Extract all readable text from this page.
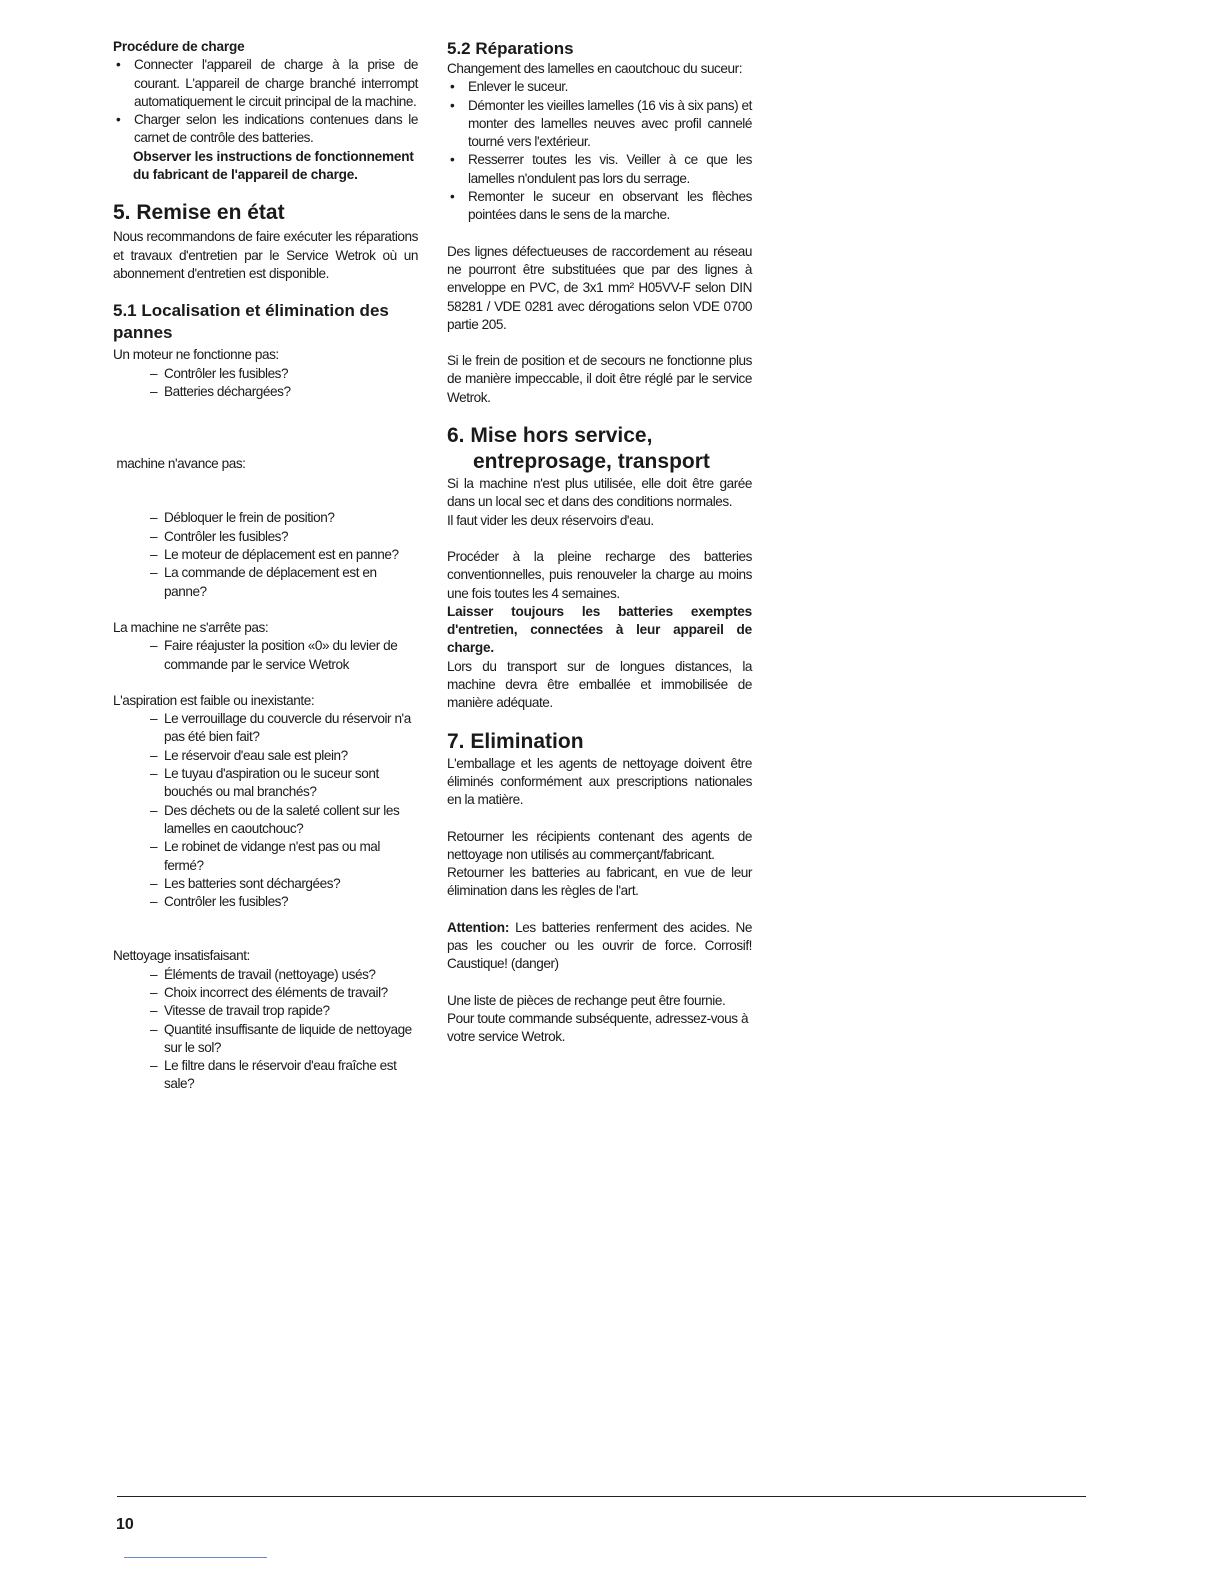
Procédure de charge

• Connecter l'appareil de charge à la prise de courant. L'appareil de charge branché interrompt automatiquement le circuit principal de la machine.
• Charger selon les indications contenues dans le carnet de contrôle des batteries.

Observer les instructions de fonctionnement du fabricant de l'appareil de charge.

5. Remise en état

Nous recommandons de faire exécuter les réparations et travaux d'entretien par le Service Wetrok où un abonnement d'entretien est disponible.

5.1 Localisation et élimination des pannes

Un moteur ne fonctionne pas:

– Contrôler les fusibles?
– Batteries déchargées?

machine n'avance pas:

– Débloquer le frein de position?
– Contrôler les fusibles?
– Le moteur de déplacement est en panne?
– La commande de déplacement est en panne?

La machine ne s'arrête pas:

– Faire réajuster la position «0» du levier de commande par le service Wetrok

L'aspiration est faible ou inexistante:

– Le verrouillage du couvercle du réservoir n'a pas été bien fait?
– Le réservoir d'eau sale est plein?
– Le tuyau d'aspiration ou le suceur sont bouchés ou mal branchés?
– Des déchets ou de la saleté collent sur les lamelles en caoutchouc?
– Le robinet de vidange n'est pas ou mal fermé?
– Les batteries sont déchargées?
– Contrôler les fusibles?

Nettoyage insatisfaisant:

– Éléments de travail (nettoyage) usés?
– Choix incorrect des éléments de travail?
– Vitesse de travail trop rapide?
– Quantité insuffisante de liquide de nettoyage sur le sol?
– Le filtre dans le réservoir d'eau fraîche est sale?

5.2 Réparations

Changement des lamelles en caoutchouc du suceur:

• Enlever le suceur.
• Démonter les vieilles lamelles (16 vis à six pans) et monter des lamelles neuves avec profil cannelé tourné vers l'extérieur.
• Resserrer toutes les vis. Veiller à ce que les lamelles n'ondulent pas lors du serrage.
• Remonter le suceur en observant les flèches pointées dans le sens de la marche.

Des lignes défectueuses de raccordement au réseau ne pourront être substituées que par des lignes à enveloppe en PVC, de 3x1 mm² H05VV-F selon DIN 58281 / VDE 0281 avec dérogations selon VDE 0700 partie 205.

Si le frein de position et de secours ne fonctionne plus de manière impeccable, il doit être réglé par le service Wetrok.

6. Mise hors service,

entreprosage, transport

Si la machine n'est plus utilisée, elle doit être garée dans un local sec et dans des conditions normales.

Il faut vider les deux réservoirs d'eau.

Procéder à la pleine recharge des batteries conventionnelles, puis renouveler la charge au moins une fois toutes les 4 semaines.

Laisser toujours les batteries exemptes d'entretien, connectées à leur appareil de charge.

Lors du transport sur de longues distances, la machine devra être emballée et immobilisée de manière adéquate.

7. Elimination

L'emballage et les agents de nettoyage doivent être éliminés conformément aux prescriptions nationales en la matière.

Retourner les récipients contenant des agents de nettoyage non utilisés au commerçant/fabricant.

Retourner les batteries au fabricant, en vue de leur élimination dans les règles de l'art.

Attention: Les batteries renferment des acides. Ne pas les coucher ou les ouvrir de force. Corrosif! Caustique! (danger)

Une liste de pièces de rechange peut être fournie.

Pour toute commande subséquente, adressez-vous à votre service Wetrok.

10
